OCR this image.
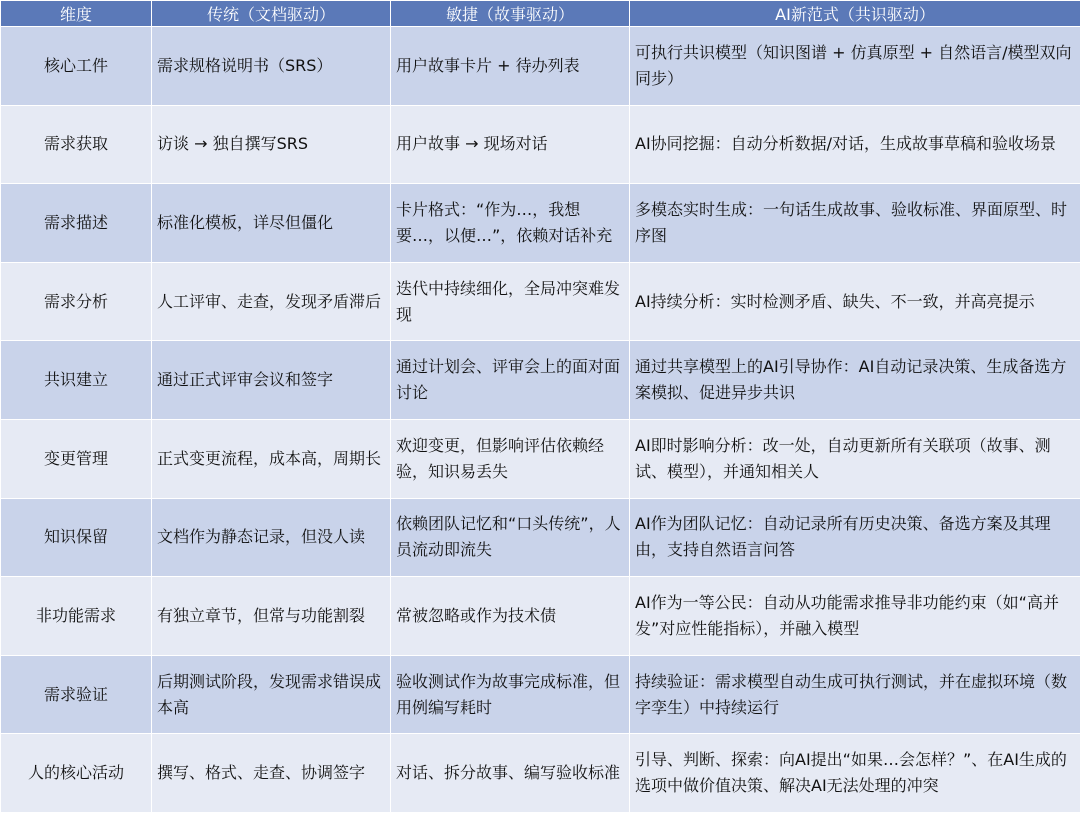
维度	传统（文档驱动）	敏捷（故事驱动）	AI新范式（共识驱动）
核心工件	需求规格说明书（SRS）	用户故事卡片 + 待办列表	可执行共识模型（知识图谱 + 仿真原型 + 自然语言/模型双向同步）
需求获取	访谈 → 独自撰写SRS	用户故事 → 现场对话	AI协同挖掘：自动分析数据/对话，生成故事草稿和验收场景
需求描述	标准化模板，详尽但僵化	卡片格式：“作为…，我想要…，以便…”，依赖对话补充	多模态实时生成：一句话生成故事、验收标准、界面原型、时序图
需求分析	人工评审、走查，发现矛盾滞后	迭代中持续细化，全局冲突难发现	AI持续分析：实时检测矛盾、缺失、不一致，并高亮提示
共识建立	通过正式评审会议和签字	通过计划会、评审会上的面对面讨论	通过共享模型上的AI引导协作：AI自动记录决策、生成备选方案模拟、促进异步共识
变更管理	正式变更流程，成本高，周期长	欢迎变更，但影响评估依赖经验，知识易丢失	AI即时影响分析：改一处，自动更新所有关联项（故事、测试、模型），并通知相关人
知识保留	文档作为静态记录，但没人读	依赖团队记忆和“口头传统”，人员流动即流失	AI作为团队记忆：自动记录所有历史决策、备选方案及其理由，支持自然语言问答
非功能需求	有独立章节，但常与功能割裂	常被忽略或作为技术债	AI作为一等公民：自动从功能需求推导非功能约束（如“高并发”对应性能指标），并融入模型
需求验证	后期测试阶段，发现需求错误成本高	验收测试作为故事完成标准，但用例编写耗时	持续验证：需求模型自动生成可执行测试，并在虚拟环境（数字孪生）中持续运行
人的核心活动	撰写、格式、走查、协调签字	对话、拆分故事、编写验收标准	引导、判断、探索：向AI提出“如果…会怎样？”、在AI生成的选项中做价值决策、解决AI无法处理的冲突
